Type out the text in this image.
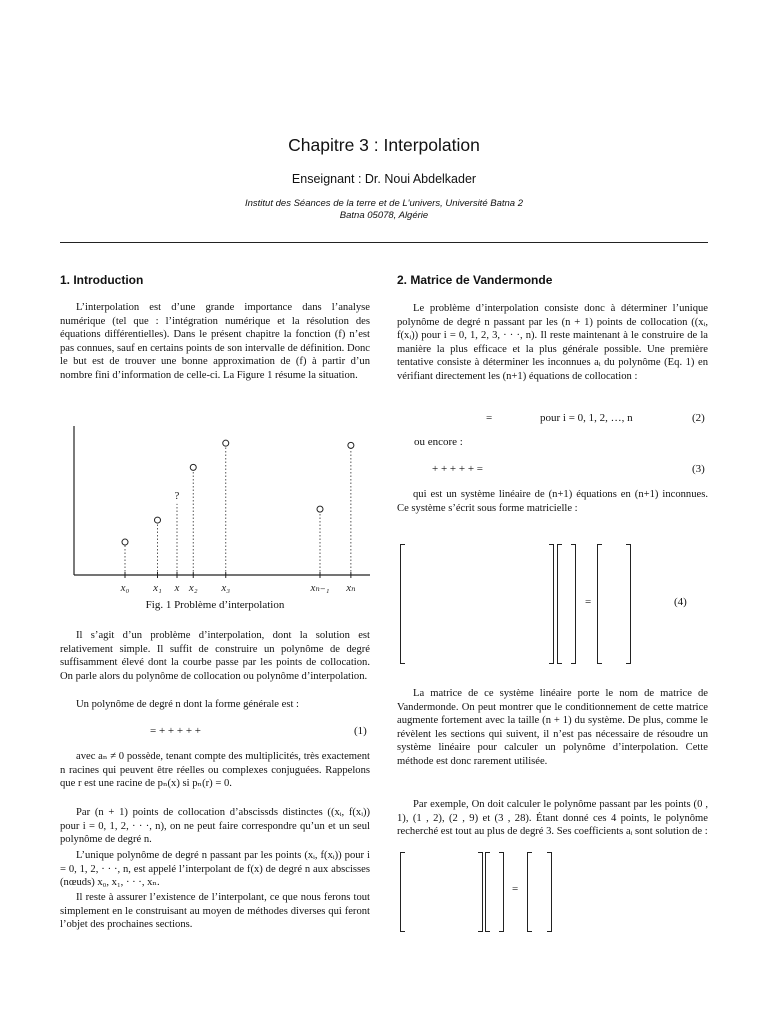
Chapitre 3 : Interpolation
Enseignant : Dr. Noui Abdelkader
Institut des Séances de la terre et de L'univers, Université Batna 2
Batna 05078, Algérie
1. Introduction

L’interpolation est d’une grande importance dans l’analyse numérique (tel que : l’intégration numérique et la résolution des équations différentielles). Dans le présent chapitre la fonction (f) n’est pas connues, sauf en certains points de son intervalle de définition. Donc le but est de trouver une bonne approximation de (f) à partir d’un nombre fini d’information de celle-ci. La Figure 1 résume la situation.

?
x₀ x₁ x x₂ x₃	xₙ₋₁ xₙ
Fig. 1 Problème d’interpolation

Il s’agit d’un problème d’interpolation, dont la solution est relativement simple. Il suffit de construire un polynôme de degré suffisamment élevé dont la courbe passe par les points de collocation. On parle alors du polynôme de collocation ou polynôme d’interpolation.

Un polynôme de degré n dont la forme générale est :

= + + + + +	(1)

avec aₙ ≠ 0 possède, tenant compte des multiplicités, très exactement n racines qui peuvent être réelles ou complexes conjuguées. Rappelons que r est une racine de pₙ(x) si pₙ(r) = 0.

Par (n + 1) points de collocation d’abscissds distinctes ((xᵢ, f(xᵢ)) pour i = 0, 1, 2, · · ·, n), on ne peut faire correspondre qu’un et un seul polynôme de degré n.

L’unique polynôme de degré n passant par les points (xᵢ, f(xᵢ)) pour i = 0, 1, 2, · · ·, n, est appelé l’interpolant de f(x) de degré n aux abscisses (nœuds) x₀, x₁, · · ·, xₙ.

Il reste à assurer l’existence de l’interpolant, ce que nous ferons tout simplement en le construisant au moyen de méthodes diverses qui feront l’objet des prochaines sections.

2. Matrice de Vandermonde

Le problème d’interpolation consiste donc à déterminer l’unique polynôme de degré n passant par les (n + 1) points de collocation ((xᵢ, f(xᵢ)) pour i = 0, 1, 2, 3, · · ·, n). Il reste maintenant à le construire de la manière la plus efficace et la plus générale possible. Une première tentative consiste à déterminer les inconnues aᵢ du polynôme (Eq. 1) en vérifiant directement les (n+1) équations de collocation :

=	pour i = 0, 1, 2, …, n	(2)
ou encore :
+ + + + + =	(3)

qui est un système linéaire de (n+1) équations en (n+1) inconnues. Ce système s’écrit sous forme matricielle :

=	(4)

La matrice de ce système linéaire porte le nom de matrice de Vandermonde. On peut montrer que le conditionnement de cette matrice augmente fortement avec la taille (n + 1) du système. De plus, comme le révèlent les sections qui suivent, il n’est pas nécessaire de résoudre un système linéaire pour calculer un polynôme d’interpolation. Cette méthode est donc rarement utilisée.

Par exemple, On doit calculer le polynôme passant par les points (0 , 1), (1 , 2), (2 , 9) et (3 , 28). Étant donné ces 4 points, le polynôme recherché est tout au plus de degré 3. Ses coefficients aᵢ sont solution de :

=
